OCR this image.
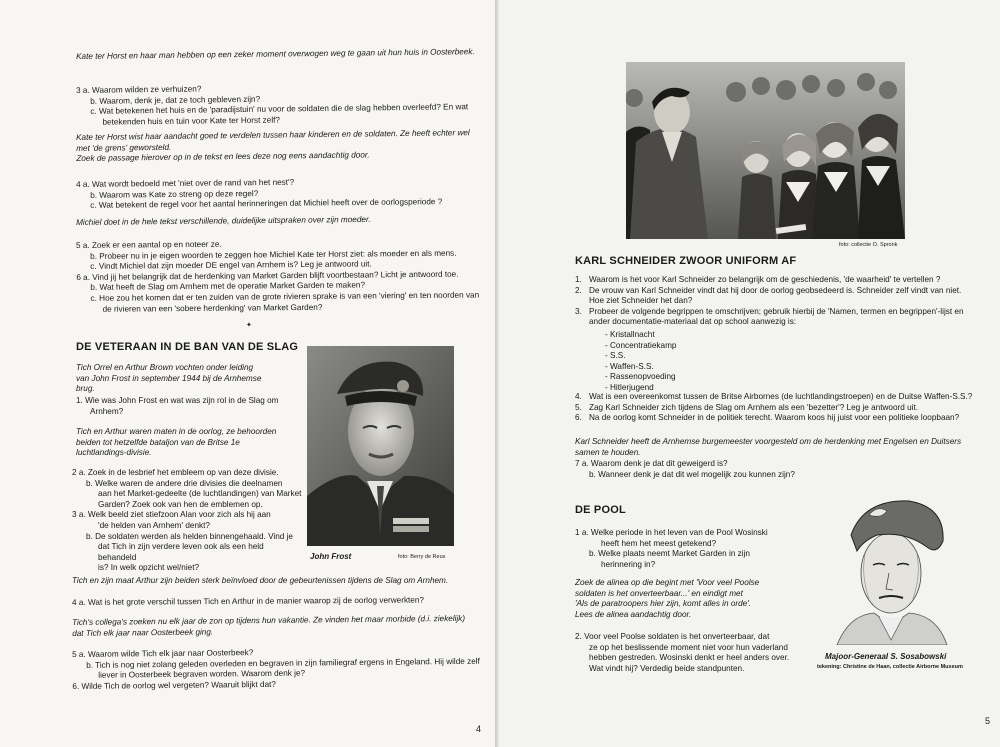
Kate ter Horst en haar man hebben op een zeker moment overwogen weg te gaan uit hun huis in Oosterbeek.

3 a. Waarom wilden ze verhuizen?
b. Waarom, denk je, dat ze toch gebleven zijn?
c. Wat betekenen het huis en de 'paradijstuin' nu voor de soldaten die de slag hebben overleefd? En wat
betekenden huis en tuin voor Kate ter Horst zelf?
Kate ter Horst wist haar aandacht goed te verdelen tussen haar kinderen en de soldaten. Ze heeft echter wel
met 'de grens' geworsteld.
Zoek de passage hierover op in de tekst en lees deze nog eens aandachtig door.
4 a. Wat wordt bedoeld met 'niet over de rand van het nest'?
b. Waarom was Kate zo streng op deze regel?
c. Wat betekent de regel voor het aantal herinneringen dat Michiel heeft over de oorlogsperiode ?

Michiel doet in de hele tekst verschillende, duidelijke uitspraken over zijn moeder.

5 a. Zoek er een aantal op en noteer ze.
b. Probeer nu in je eigen woorden te zeggen hoe Michiel Kate ter Horst ziet: als moeder en als mens.
c. Vindt Michiel dat zijn moeder DE engel van Arnhem is? Leg je antwoord uit.
6 a. Vind jij het belangrijk dat de herdenking van Market Garden blijft voortbestaan? Licht je antwoord toe.
b. Wat heeft de Slag om Arnhem met de operatie Market Garden te maken?
c. Hoe zou het komen dat er ten zuiden van de grote rivieren sprake is van een 'viering' en ten noorden van
de rivieren van een 'sobere herdenking' van Market Garden?
✦
DE VETERAAN IN DE BAN VAN DE SLAG

Tich Orrel en Arthur Brown vochten onder leiding van John Frost in september 1944 bij de Arnhemse brug.

1. Wie was John Frost en wat was zijn rol in de Slag om
Arnhem?

Tich en Arthur waren maten in de oorlog, ze behoorden beiden tot hetzelfde bataljon van de Britse 1e luchtlandings-divisie.

2 a. Zoek in de lesbrief het embleem op van deze divisie.
b. Welke waren de andere drie divisies die deelnamen
aan het Market-gedeelte (de luchtlandingen) van Market
Garden? Zoek ook van hen de emblemen op.
3 a. Welk beeld ziet stiefzoon Alan voor zich als hij aan
'de helden van Arnhem' denkt?
b. De soldaten werden als helden binnengehaald. Vind je
dat Tich in zijn verdere leven ook als een held behandeld
is? In welk opzicht wel/niet?
John Frost	foto: Berry de Reus

Tich en zijn maat Arthur zijn beiden sterk beïnvloed door de gebeurtenissen tijdens de Slag om Arnhem.

4 a. Wat is het grote verschil tussen Tich en Arthur in de manier waarop zij de oorlog verwerkten?

Tich's collega's zoeken nu elk jaar de zon op tijdens hun vakantie. Ze vinden het maar morbide (d.i. ziekelijk)
dat Tich elk jaar naar Oosterbeek ging.
5 a. Waarom wilde Tich elk jaar naar Oosterbeek?
b. Tich is nog niet zolang geleden overleden en begraven in zijn familiegraf ergens in Engeland. Hij wilde zelf
liever in Oosterbeek begraven worden. Waarom denk je?
6. Wilde Tich de oorlog wel vergeten? Waaruit blijkt dat?
4
foto: collectie O. Spronk
KARL SCHNEIDER ZWOOR UNIFORM AF
1. Waarom is het voor Karl Schneider zo belangrijk om de geschiedenis, 'de waarheid' te vertellen ?
2. De vrouw van Karl Schneider vindt dat hij door de oorlog geobsedeerd is. Schneider zelf vindt van niet.
Hoe ziet Schneider het dan?
3. Probeer de volgende begrippen te omschrijven; gebruik hierbij de 'Namen, termen en begrippen'-lijst en
ander documentatie-materiaal dat op school aanwezig is:
- Kristallnacht
- Concentratiekamp
- S.S.
- Waffen-S.S.
- Rassenopvoeding
- Hitlerjugend
4. Wat is een overeenkomst tussen de Britse Airbornes (de luchtlandingstroepen) en de Duitse Waffen-S.S.?
5. Zag Karl Schneider zich tijdens de Slag om Arnhem als een 'bezetter'? Leg je antwoord uit.
6. Na de oorlog komt Schneider in de politiek terecht. Waarom koos hij juist voor een politieke loopbaan?
Karl Schneider heeft de Arnhemse burgemeester voorgesteld om de herdenking met Engelsen en Duitsers
samen te houden.
7 a. Waarom denk je dat dit geweigerd is?
b. Wanneer denk je dat dit wel mogelijk zou kunnen zijn?
DE POOL
1 a. Welke periode in het leven van de Pool Wosinski
heeft hem het meest getekend?
b. Welke plaats neemt Market Garden in zijn
herinnering in?
Zoek de alinea op die begint met 'Voor veel Poolse
soldaten is het onverteerbaar...' en eindigt met
'Als de paratroopers hier zijn, komt alles in orde'.
Lees de alinea aandachtig door.
2. Voor veel Poolse soldaten is het onverteerbaar, dat
ze op het beslissende moment niet voor hun vaderland
hebben gestreden. Wosinski denkt er heel anders over.
Wat vindt hij? Verdedig beide standpunten.
Majoor-Generaal S. Sosabowski
tekening: Christine de Haan, collectie Airborne Museum
5
